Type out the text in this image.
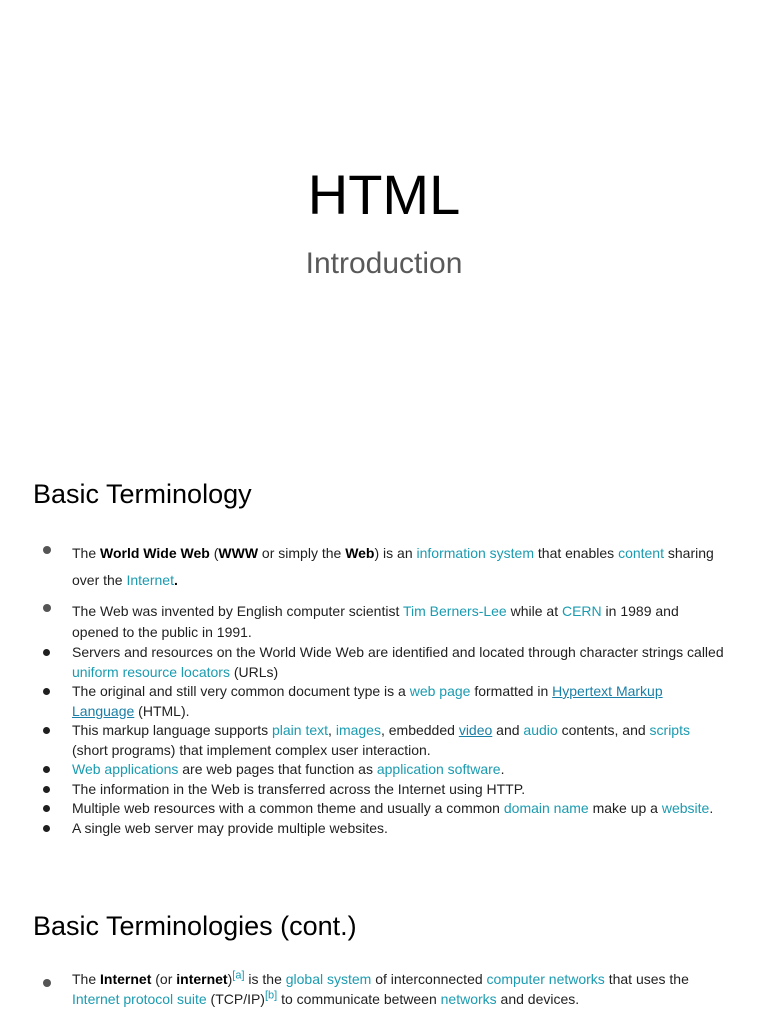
HTML
Introduction
Basic Terminology
The World Wide Web (WWW or simply the Web) is an information system that enables content sharing over the Internet.
The Web was invented by English computer scientist Tim Berners-Lee while at CERN in 1989 and opened to the public in 1991.
Servers and resources on the World Wide Web are identified and located through character strings called uniform resource locators (URLs)
The original and still very common document type is a web page formatted in Hypertext Markup Language (HTML).
This markup language supports plain text, images, embedded video and audio contents, and scripts (short programs) that implement complex user interaction.
Web applications are web pages that function as application software.
The information in the Web is transferred across the Internet using HTTP.
Multiple web resources with a common theme and usually a common domain name make up a website.
A single web server may provide multiple websites.
Basic Terminologies (cont.)
The Internet (or internet)[a] is the global system of interconnected computer networks that uses the Internet protocol suite (TCP/IP)[b] to communicate between networks and devices.
